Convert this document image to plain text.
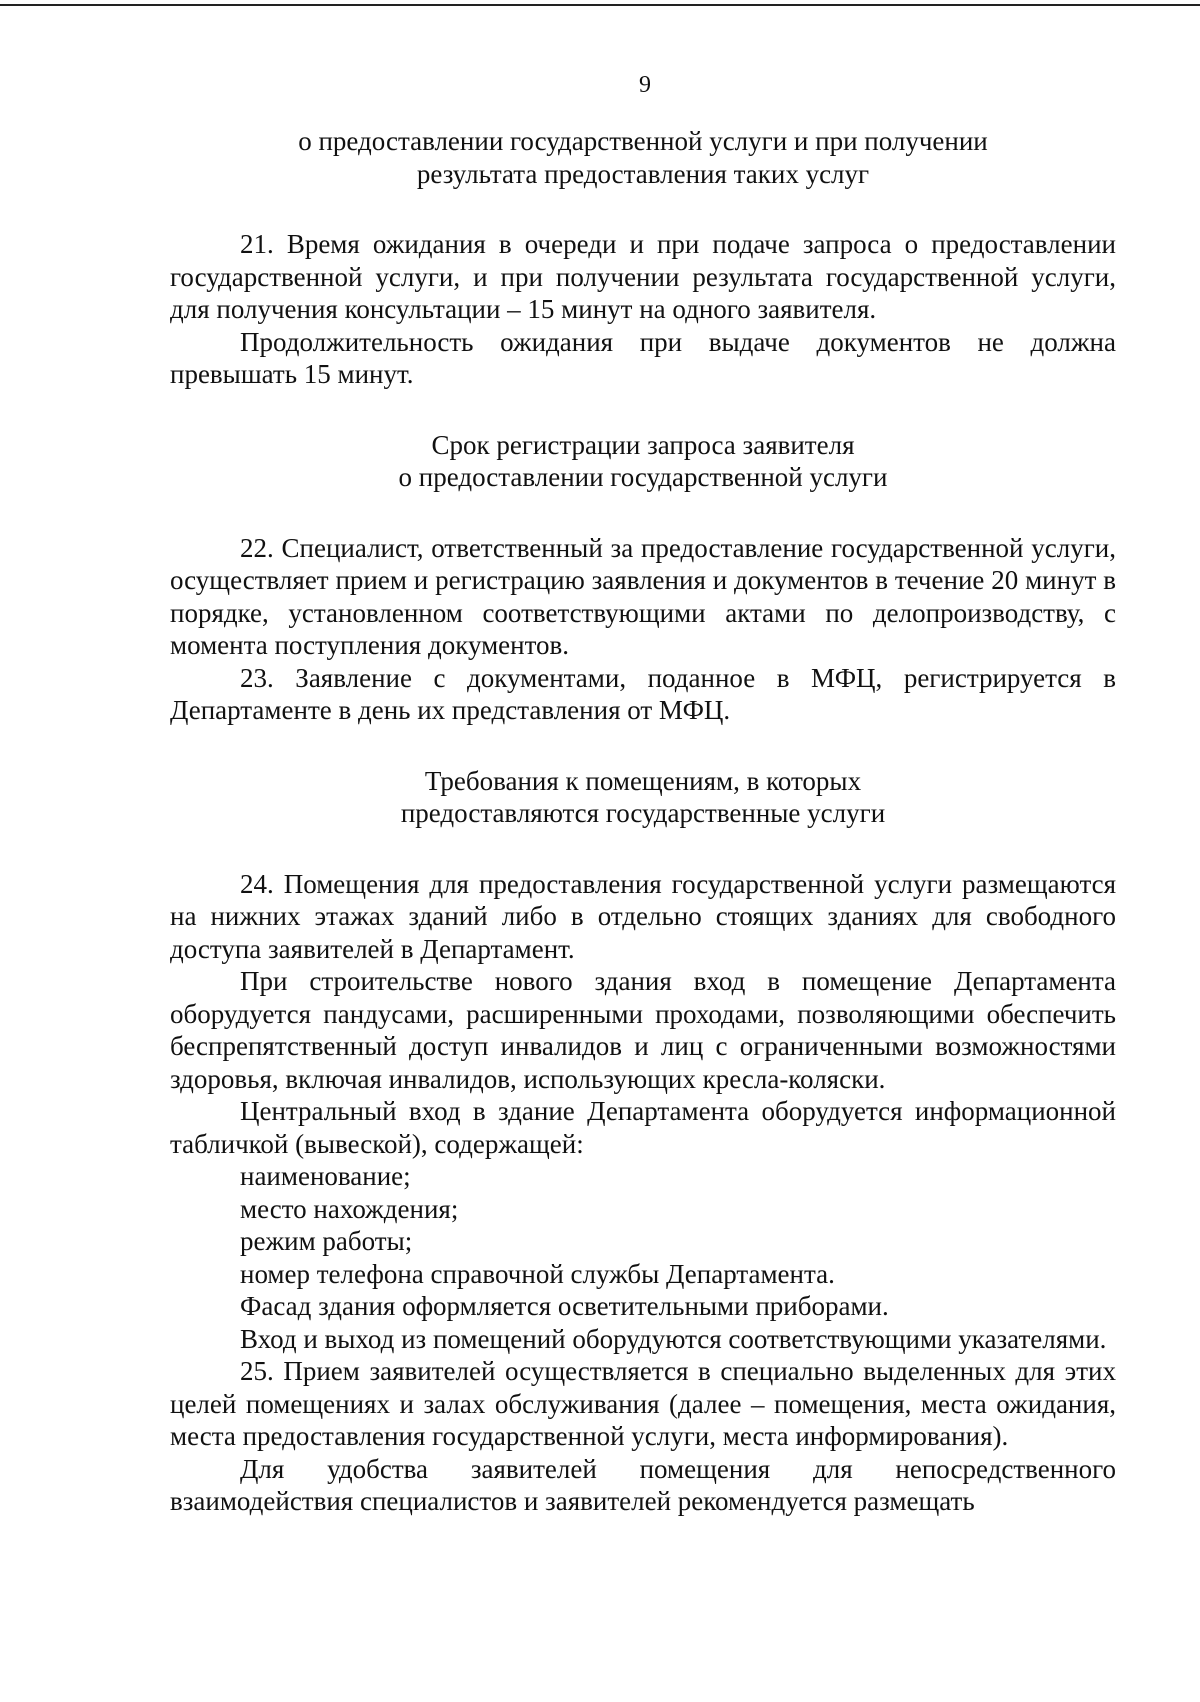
9
о предоставлении государственной услуги и при получении
результата предоставления таких услуг

21. Время ожидания в очереди и при подаче запроса о предоставлении государственной услуги, и при получении результата государственной услуги, для получения консультации – 15 минут на одного заявителя.

Продолжительность ожидания при выдаче документов не должна превышать 15 минут.

Срок регистрации запроса заявителя
о предоставлении государственной услуги

22. Специалист, ответственный за предоставление государственной услуги, осуществляет прием и регистрацию заявления и документов в течение 20 минут в порядке, установленном соответствующими актами по делопроизводству, с момента поступления документов.

23. Заявление с документами, поданное в МФЦ, регистрируется в Департаменте в день их представления от МФЦ.

Требования к помещениям, в которых
предоставляются государственные услуги

24. Помещения для предоставления государственной услуги размещаются на нижних этажах зданий либо в отдельно стоящих зданиях для свободного доступа заявителей в Департамент.

При строительстве нового здания вход в помещение Департамента оборудуется пандусами, расширенными проходами, позволяющими обеспечить беспрепятственный доступ инвалидов и лиц с ограниченными возможностями здоровья, включая инвалидов, использующих кресла-коляски.

Центральный вход в здание Департамента оборудуется информационной табличкой (вывеской), содержащей:

наименование;

место нахождения;

режим работы;

номер телефона справочной службы Департамента.

Фасад здания оформляется осветительными приборами.

Вход и выход из помещений оборудуются соответствующими указателями.

25. Прием заявителей осуществляется в специально выделенных для этих целей помещениях и залах обслуживания (далее – помещения, места ожидания, места предоставления государственной услуги, места информирования).

Для удобства заявителей помещения для непосредственного взаимодействия специалистов и заявителей рекомендуется размещать
